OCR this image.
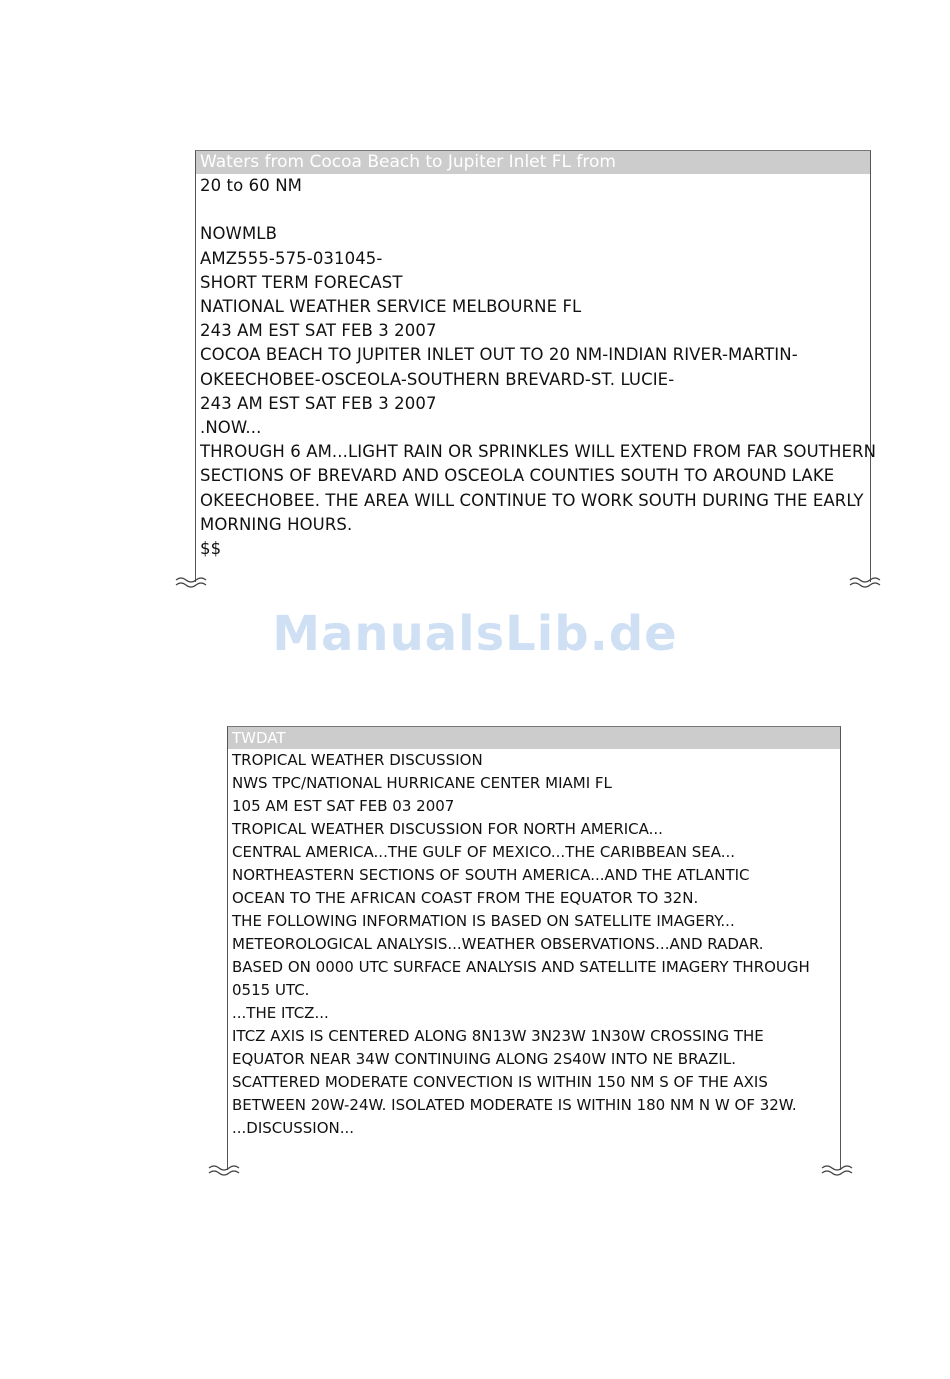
Waters from Cocoa Beach to Jupiter Inlet FL from
20 to 60 NM

NOWMLB
AMZ555-575-031045-
SHORT TERM FORECAST
NATIONAL WEATHER SERVICE MELBOURNE FL
243 AM EST SAT FEB 3 2007
COCOA BEACH TO JUPITER INLET OUT TO 20 NM-INDIAN RIVER-MARTIN-
OKEECHOBEE-OSCEOLA-SOUTHERN BREVARD-ST. LUCIE-
243 AM EST SAT FEB 3 2007
.NOW...
THROUGH 6 AM...LIGHT RAIN OR SPRINKLES WILL EXTEND FROM FAR SOUTHERN
SECTIONS OF BREVARD AND OSCEOLA COUNTIES SOUTH TO AROUND LAKE
OKEECHOBEE. THE AREA WILL CONTINUE TO WORK SOUTH DURING THE EARLY
MORNING HOURS.
$$
ManualsLib.de
TWDAT
TROPICAL WEATHER DISCUSSION
NWS TPC/NATIONAL HURRICANE CENTER MIAMI FL
105 AM EST SAT FEB 03 2007
TROPICAL WEATHER DISCUSSION FOR NORTH AMERICA...
CENTRAL AMERICA...THE GULF OF MEXICO...THE CARIBBEAN SEA...
NORTHEASTERN SECTIONS OF SOUTH AMERICA...AND THE ATLANTIC
OCEAN TO THE AFRICAN COAST FROM THE EQUATOR TO 32N.
THE FOLLOWING INFORMATION IS BASED ON SATELLITE IMAGERY...
METEOROLOGICAL ANALYSIS...WEATHER OBSERVATIONS...AND RADAR.
BASED ON 0000 UTC SURFACE ANALYSIS AND SATELLITE IMAGERY THROUGH
0515 UTC.
...THE ITCZ...
ITCZ AXIS IS CENTERED ALONG 8N13W 3N23W 1N30W CROSSING THE
EQUATOR NEAR 34W CONTINUING ALONG 2S40W INTO NE BRAZIL.
SCATTERED MODERATE CONVECTION IS WITHIN 150 NM S OF THE AXIS
BETWEEN 20W-24W. ISOLATED MODERATE IS WITHIN 180 NM N W OF 32W.
...DISCUSSION...
